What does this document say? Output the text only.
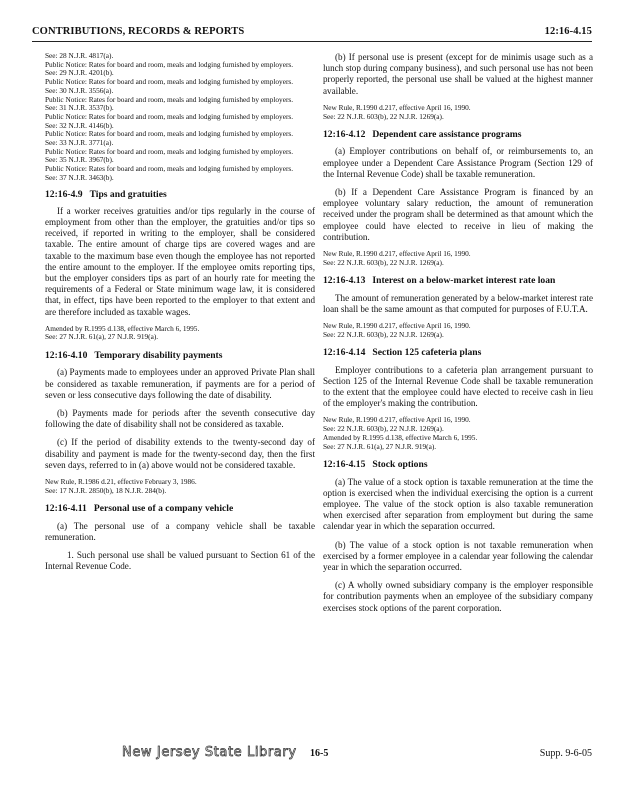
CONTRIBUTIONS, RECORDS & REPORTS	12:16-4.15
See: 28 N.J.R. 4817(a).
Public Notice: Rates for board and room, meals and lodging furnished by employers.
See: 29 N.J.R. 4201(b).
Public Notice: Rates for board and room, meals and lodging furnished by employers.
See: 30 N.J.R. 3556(a).
Public Notice: Rates for board and room, meals and lodging furnished by employers.
See: 31 N.J.R. 3537(b).
Public Notice: Rates for board and room, meals and lodging furnished by employers.
See: 32 N.J.R. 4146(b).
Public Notice: Rates for board and room, meals and lodging furnished by employers.
See: 33 N.J.R. 3771(a).
Public Notice: Rates for board and room, meals and lodging furnished by employers.
See: 35 N.J.R. 3967(b).
Public Notice: Rates for board and room, meals and lodging furnished by employers.
See: 37 N.J.R. 3463(b).
12:16-4.9 Tips and gratuities

If a worker receives gratuities and/or tips regularly in the course of employment from other than the employer, the gratuities and/or tips so received, if reported in writing to the employer, shall be considered taxable. The entire amount of charge tips are covered wages and are taxable to the maximum base even though the employee has not reported the entire amount to the employer. If the employee omits reporting tips, but the employer considers tips as part of an hourly rate for meeting the requirements of a Federal or State minimum wage law, it is considered that, in effect, tips have been reported to the employer to that extent and are therefore included as taxable wages.

Amended by R.1995 d.138, effective March 6, 1995.
See: 27 N.J.R. 61(a), 27 N.J.R. 919(a).
12:16-4.10 Temporary disability payments

(a) Payments made to employees under an approved Private Plan shall be considered as taxable remuneration, if payments are for a period of seven or less consecutive days following the date of disability.

(b) Payments made for periods after the seventh consecutive day following the date of disability shall not be considered as taxable.

(c) If the period of disability extends to the twenty-second day of disability and payment is made for the twenty-second day, then the first seven days, referred to in (a) above would not be considered taxable.

New Rule, R.1986 d.21, effective February 3, 1986.
See: 17 N.J.R. 2850(b), 18 N.J.R. 284(b).
12:16-4.11 Personal use of a company vehicle

(a) The personal use of a company vehicle shall be taxable remuneration.

1. Such personal use shall be valued pursuant to Section 61 of the Internal Revenue Code.

(b) If personal use is present (except for de minimis usage such as a lunch stop during company business), and such personal use has not been properly reported, the personal use shall be valued at the highest manner available.

New Rule, R.1990 d.217, effective April 16, 1990.
See: 22 N.J.R. 603(b), 22 N.J.R. 1269(a).
12:16-4.12 Dependent care assistance programs

(a) Employer contributions on behalf of, or reimbursements to, an employee under a Dependent Care Assistance Program (Section 129 of the Internal Revenue Code) shall be taxable remuneration.

(b) If a Dependent Care Assistance Program is financed by an employee voluntary salary reduction, the amount of remuneration received under the program shall be determined as that amount which the employee could have elected to receive in lieu of making the contribution.

New Rule, R.1990 d.217, effective April 16, 1990.
See: 22 N.J.R. 603(b), 22 N.J.R. 1269(a).
12:16-4.13 Interest on a below-market interest rate loan

The amount of remuneration generated by a below-market interest rate loan shall be the same amount as that computed for purposes of F.U.T.A.

New Rule, R.1990 d.217, effective April 16, 1990.
See: 22 N.J.R. 603(b), 22 N.J.R. 1269(a).
12:16-4.14 Section 125 cafeteria plans

Employer contributions to a cafeteria plan arrangement pursuant to Section 125 of the Internal Revenue Code shall be taxable remuneration to the extent that the employee could have elected to receive cash in lieu of the employer's making the contribution.

New Rule, R.1990 d.217, effective April 16, 1990.
See: 22 N.J.R. 603(b), 22 N.J.R. 1269(a).
Amended by R.1995 d.138, effective March 6, 1995.
See: 27 N.J.R. 61(a), 27 N.J.R. 919(a).
12:16-4.15 Stock options

(a) The value of a stock option is taxable remuneration at the time the option is exercised when the individual exercising the option is a current employee. The value of the stock option is also taxable remuneration when exercised after separation from employment but during the same calendar year in which the separation occurred.

(b) The value of a stock option is not taxable remuneration when exercised by a former employee in a calendar year following the calendar year in which the separation occurred.

(c) A wholly owned subsidiary company is the employer responsible for contribution payments when an employee of the subsidiary company exercises stock options of the parent corporation.

New Jersey State Library 16-5	Supp. 9-6-05
